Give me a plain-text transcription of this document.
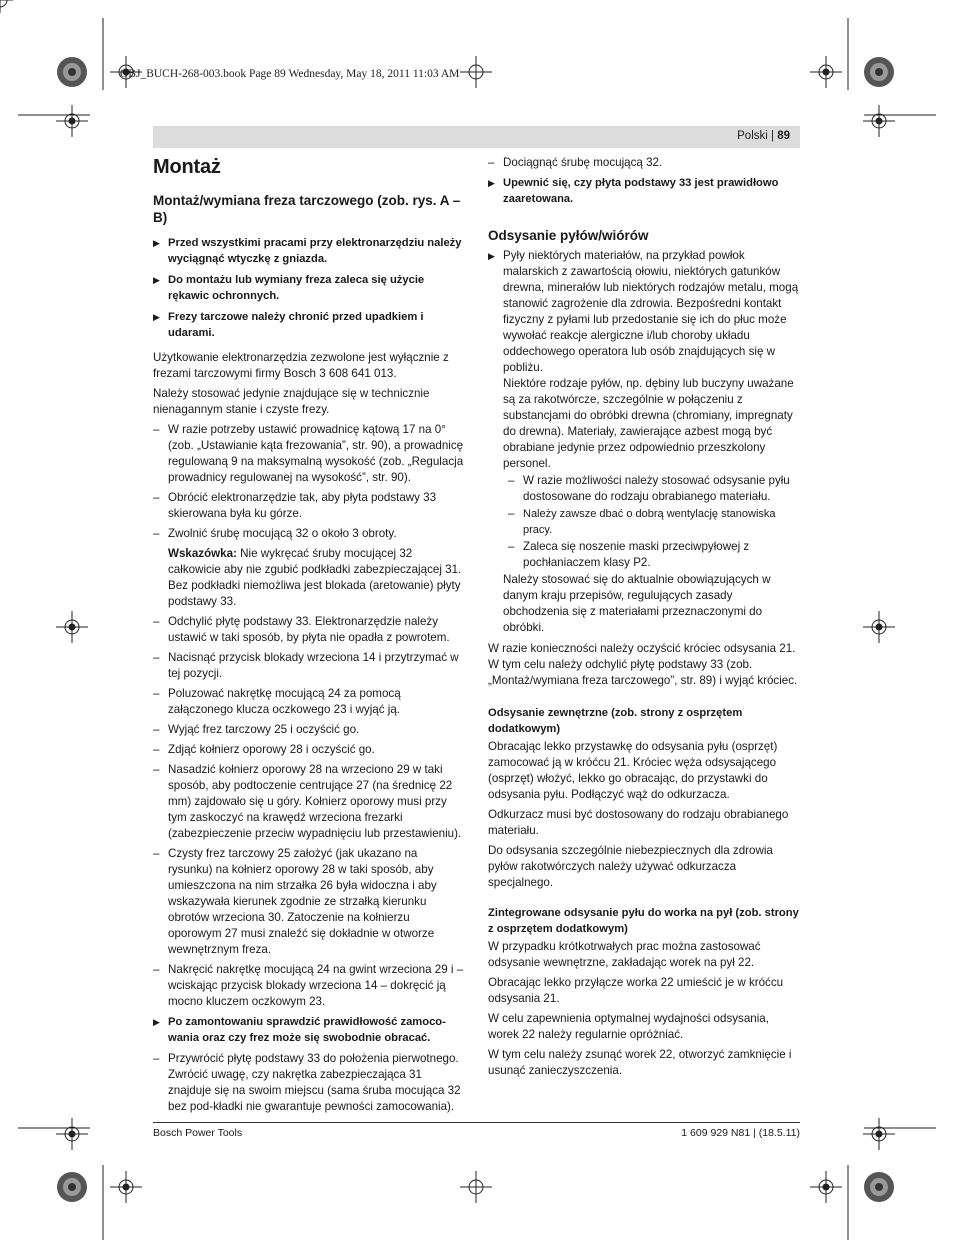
OBJ_BUCH-268-003.book Page 89 Wednesday, May 18, 2011 11:03 AM
Polski | 89
Montaż
Montaż/wymiana freza tarczowego (zob. rys. A – B)
▶ Przed wszystkimi pracami przy elektronarzędziu należy wyciągnąć wtyczkę z gniazda.
▶ Do montażu lub wymiany freza zaleca się użycie rękawic ochronnych.
▶ Frezy tarczowe należy chronić przed upadkiem i udarami.

Użytkowanie elektronarzędzia zezwolone jest wyłącznie z frezami tarczowymi firmy Bosch 3 608 641 013.

Należy stosować jedynie znajdujące się w technicznie nienagannym stanie i czyste frezy.

– W razie potrzeby ustawić prowadnicę kątową 17 na 0° (zob. „Ustawianie kąta frezowania”, str. 90), a prowadnicę regulowaną 9 na maksymalną wysokość (zob. „Regulacja prowadnicy regulowanej na wysokość”, str. 90).
– Obrócić elektronarzędzie tak, aby płyta podstawy 33 skierowana była ku górze.
– Zwolnić śrubę mocującą 32 o około 3 obroty.
Wskazówka: Nie wykręcać śruby mocującej 32 całkowicie aby nie zgubić podkładki zabezpieczającej 31. Bez podkładki niemożliwa jest blokada (aretowanie) płyty podstawy 33.
– Odchylić płytę podstawy 33. Elektronarzędzie należy ustawić w taki sposób, by płyta nie opadła z powrotem.
– Nacisnąć przycisk blokady wrzeciona 14 i przytrzymać w tej pozycji.
– Poluzować nakrętkę mocującą 24 za pomocą załączonego klucza oczkowego 23 i wyjąć ją.
– Wyjąć frez tarczowy 25 i oczyścić go.
– Zdjąć kołnierz oporowy 28 i oczyścić go.
– Nasadzić kołnierz oporowy 28 na wrzeciono 29 w taki sposób, aby podtoczenie centrujące 27 (na średnicę 22 mm) zajdowało się u góry. Kołnierz oporowy musi przy tym zaskoczyć na krawędź wrzeciona frezarki (zabezpieczenie przeciw wypadnięciu lub przestawieniu).
– Czysty frez tarczowy 25 założyć (jak ukazano na rysunku) na kołnierz oporowy 28 w taki sposób, aby umieszczona na nim strzałka 26 była widoczna i aby wskazywała kierunek zgodnie ze strzałką kierunku obrotów wrzeciona 30. Zatoczenie na kołnierzu oporowym 27 musi znaleźć się dokładnie w otworze wewnętrznym freza.
– Nakręcić nakrętkę mocującą 24 na gwint wrzeciona 29 i – wciskając przycisk blokady wrzeciona 14 – dokręcić ją mocno kluczem oczkowym 23.
▶ Po zamontowaniu sprawdzić prawidłowość zamoco-wania oraz czy frez może się swobodnie obracać.
– Przywrócić płytę podstawy 33 do położenia pierwotnego. Zwrócić uwagę, czy nakrętka zabezpieczająca 31 znajduje się na swoim miejscu (sama śruba mocująca 32 bez pod-kładki nie gwarantuje pewności zamocowania).
– Dociągnąć śrubę mocującą 32.
▶ Upewnić się, czy płyta podstawy 33 jest prawidłowo zaaretowana.
Odsysanie pyłów/wiórów
▶ Pyły niektórych materiałów, na przykład powłok malarskich z zawartością ołowiu, niektórych gatunków drewna, minerałów lub niektórych rodzajów metalu, mogą stanowić zagrożenie dla zdrowia. Bezpośredni kontakt fizyczny z pyłami lub przedostanie się ich do płuc może wywołać reakcje alergiczne i/lub choroby układu oddechowego operatora lub osób znajdujących się w pobliżu.
Niektóre rodzaje pyłów, np. dębiny lub buczyny uważane są za rakotwórcze, szczególnie w połączeniu z substancjami do obróbki drewna (chromiany, impregnaty do drewna). Materiały, zawierające azbest mogą być obrabiane jedynie przez odpowiednio przeszkolony personel.
– W razie możliwości należy stosować odsysanie pyłu dostosowane do rodzaju obrabianego materiału.
– Należy zawsze dbać o dobrą wentylację stanowiska pracy.
– Zaleca się noszenie maski przeciwpyłowej z pochłaniaczem klasy P2.
Należy stosować się do aktualnie obowiązujących w danym kraju przepisów, regulujących zasady obchodzenia się z materiałami przeznaczonymi do obróbki.

W razie konieczności należy oczyścić króciec odsysania 21. W tym celu należy odchylić płytę podstawy 33 (zob. „Montaż/wymiana freza tarczowego”, str. 89) i wyjąć króciec.

Odsysanie zewnętrzne (zob. strony z osprzętem dodatkowym)

Obracając lekko przystawkę do odsysania pyłu (osprzęt) zamocować ją w króćcu 21. Króciec węża odsysającego (osprzęt) włożyć, lekko go obracając, do przystawki do odsysania pyłu. Podłączyć wąż do odkurzacza.

Odkurzacz musi być dostosowany do rodzaju obrabianego materiału.

Do odsysania szczególnie niebezpiecznych dla zdrowia pyłów rakotwórczych należy używać odkurzacza specjalnego.

Zintegrowane odsysanie pyłu do worka na pył (zob. strony z osprzętem dodatkowym)

W przypadku krótkotrwałych prac można zastosować odsysanie wewnętrzne, zakładając worek na pył 22.

Obracając lekko przyłącze worka 22 umieścić je w króćcu odsysania 21.

W celu zapewnienia optymalnej wydajności odsysania, worek 22 należy regularnie opróżniać.

W tym celu należy zsunąć worek 22, otworzyć zamknięcie i usunąć zanieczyszczenia.

Bosch Power Tools	1 609 929 N81 | (18.5.11)
